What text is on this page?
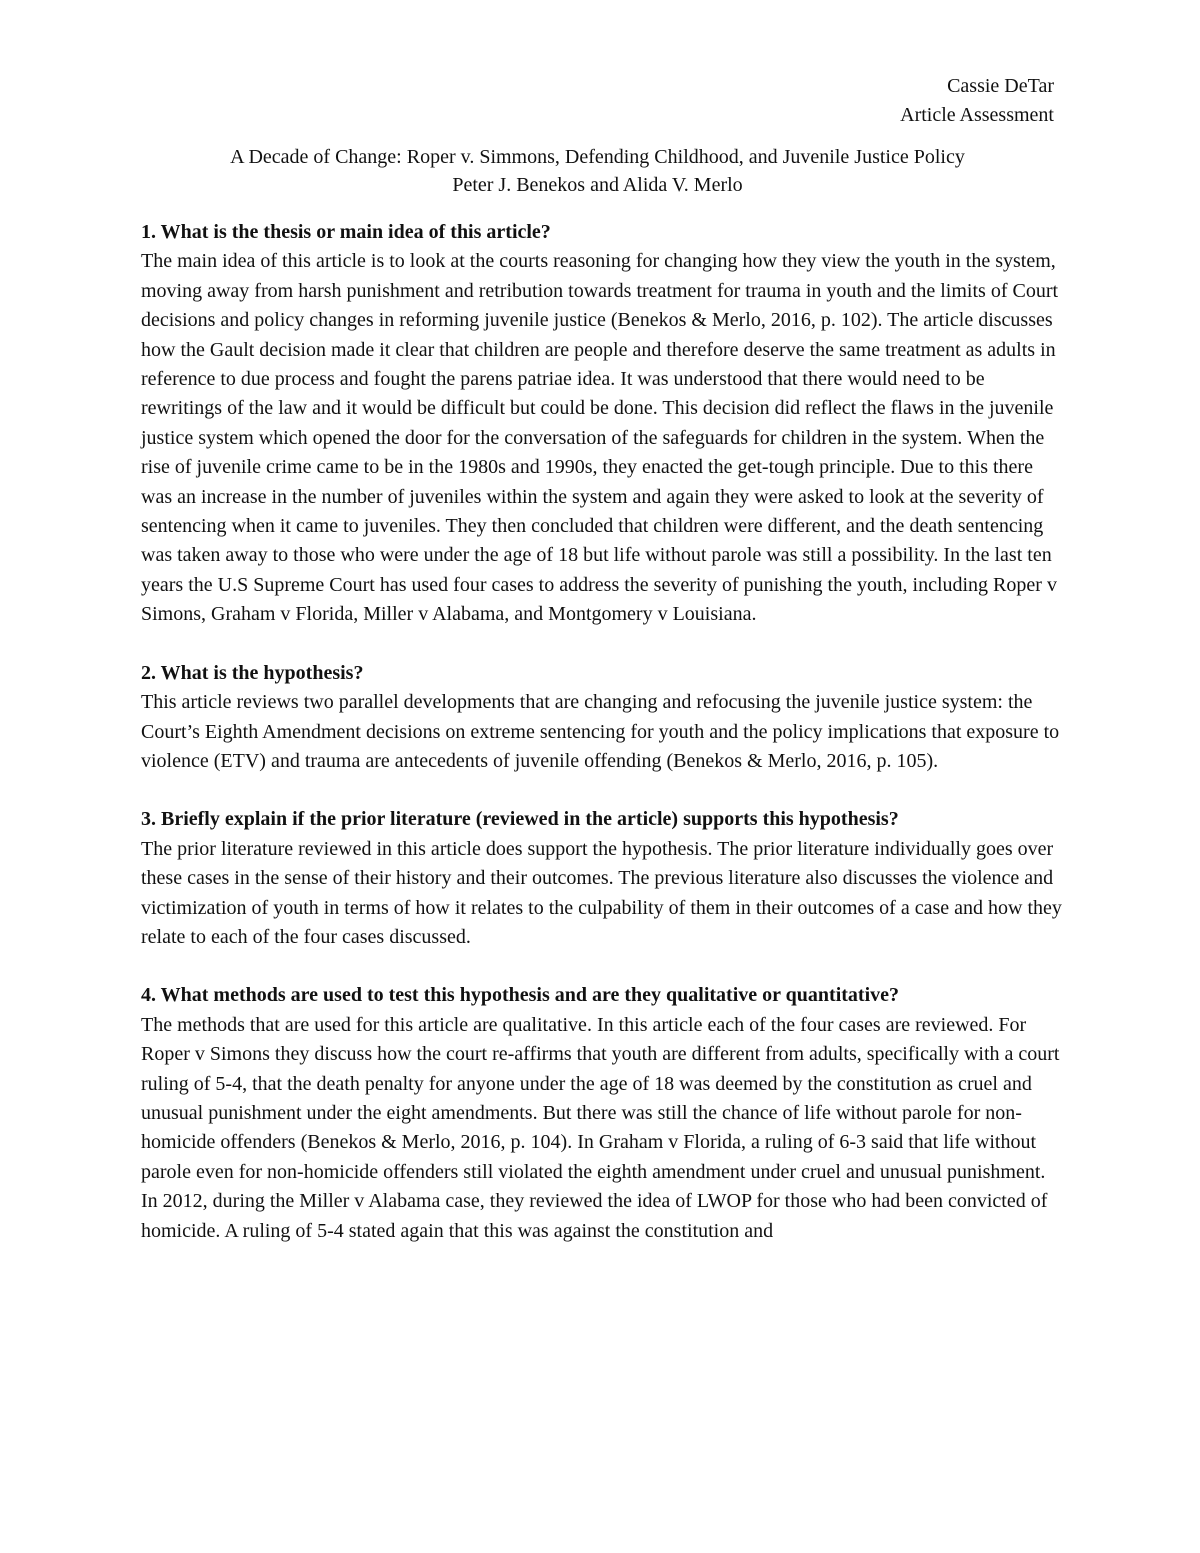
Cassie DeTar
Article Assessment
A Decade of Change: Roper v. Simmons, Defending Childhood, and Juvenile Justice Policy
Peter J. Benekos and Alida V. Merlo

1. What is the thesis or main idea of this article?

The main idea of this article is to look at the courts reasoning for changing how they view the youth in the system, moving away from harsh punishment and retribution towards treatment for trauma in youth and the limits of Court decisions and policy changes in reforming juvenile justice (Benekos & Merlo, 2016, p. 102). The article discusses how the Gault decision made it clear that children are people and therefore deserve the same treatment as adults in reference to due process and fought the parens patriae idea. It was understood that there would need to be rewritings of the law and it would be difficult but could be done. This decision did reflect the flaws in the juvenile justice system which opened the door for the conversation of the safeguards for children in the system. When the rise of juvenile crime came to be in the 1980s and 1990s, they enacted the get-tough principle. Due to this there was an increase in the number of juveniles within the system and again they were asked to look at the severity of sentencing when it came to juveniles. They then concluded that children were different, and the death sentencing was taken away to those who were under the age of 18 but life without parole was still a possibility. In the last ten years the U.S Supreme Court has used four cases to address the severity of punishing the youth, including Roper v Simons, Graham v Florida, Miller v Alabama, and Montgomery v Louisiana.

2. What is the hypothesis?

This article reviews two parallel developments that are changing and refocusing the juvenile justice system: the Court’s Eighth Amendment decisions on extreme sentencing for youth and the policy implications that exposure to violence (ETV) and trauma are antecedents of juvenile offending (Benekos & Merlo, 2016, p. 105).

3. Briefly explain if the prior literature (reviewed in the article) supports this hypothesis?

The prior literature reviewed in this article does support the hypothesis. The prior literature individually goes over these cases in the sense of their history and their outcomes. The previous literature also discusses the violence and victimization of youth in terms of how it relates to the culpability of them in their outcomes of a case and how they relate to each of the four cases discussed.

4. What methods are used to test this hypothesis and are they qualitative or quantitative?

The methods that are used for this article are qualitative. In this article each of the four cases are reviewed. For Roper v Simons they discuss how the court re-affirms that youth are different from adults, specifically with a court ruling of 5-4, that the death penalty for anyone under the age of 18 was deemed by the constitution as cruel and unusual punishment under the eight amendments. But there was still the chance of life without parole for non-homicide offenders (Benekos & Merlo, 2016, p. 104). In Graham v Florida, a ruling of 6-3 said that life without parole even for non-homicide offenders still violated the eighth amendment under cruel and unusual punishment. In 2012, during the Miller v Alabama case, they reviewed the idea of LWOP for those who had been convicted of homicide. A ruling of 5-4 stated again that this was against the constitution and
